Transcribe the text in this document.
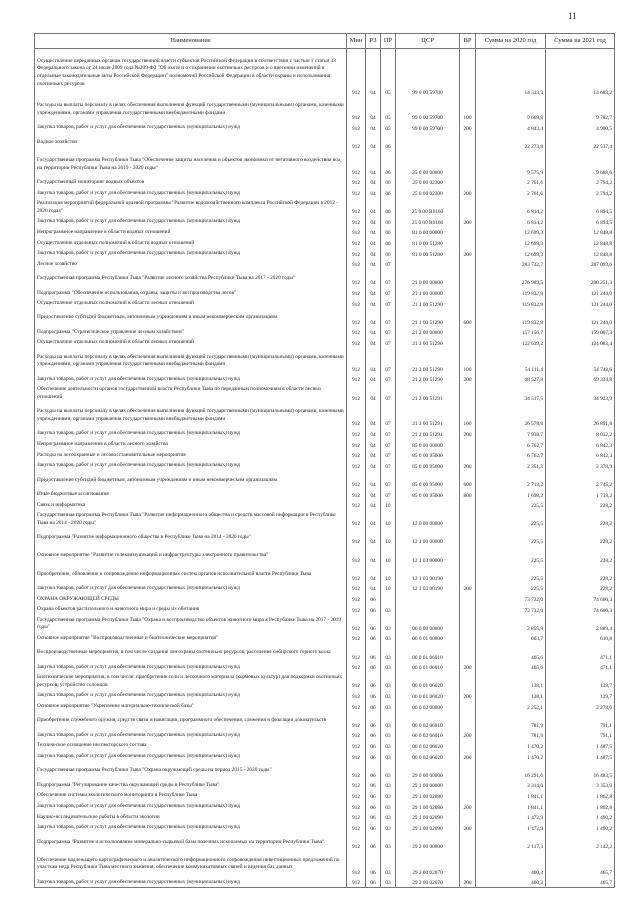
11
Наименование	Мин	РЗ	ПР	ЦСР	ВР	Сумма на 2020 год	Сумма на 2021 год
Осуществление переданных органам государственной власти субъектов Российской Федерации в соответствии с частью 1 статьи 33 Федерального закона от 24 июля 2009 года №209-ФЗ "Об охоте и о сохранении охотничьих ресурсов и о внесении изменений в отдельные законодательные акты Российской Федерации" полномочий Российской Федерации в области охраны и использования охотничьих ресурсов	912	04	05	99 0 00 59700		14 513,3	14 683,2
Расходы на выплаты персоналу в целях обеспечения выполнения функций государственными (муниципальными) органами, казенными учреждениями, органами управления государственными внебюджетными фондами	912	04	05	99 0 00 59700	100	9 669,8	9 782,7
Закупка товаров, работ и услуг для обеспечения государственных (муниципальных) нужд	912	04	05	99 0 00 59700	200	4 843,4	4 900,5
Водное хозяйство	912	04	06			22 273,8	22 537,4
Государственная программа Республики Тыва "Обеспечение защиты населения и объектов экономики от негативного воздействия вод на территории Республики Тыва на 2019 - 2020 годы"	912	04	06	25 0 00 00000		9 575,9	9 688,6
Государственный мониторинг водных объектов	912	04	06	25 0 00 02300		2 761,6	2 794,2
Закупка товаров, работ и услуг для обеспечения государственных (муниципальных) нужд	912	04	06	25 0 00 02300	200	2 761,6	2 794,2
Реализация мероприятий федеральной целевой программы "Развитие водохозяйственного комплекса Российской Федерации в 2012 - 2020 годах"	912	04	06	25 0 00 R0160		6 814,2	6 894,5
Закупка товаров, работ и услуг для обеспечения государственных (муниципальных) нужд	912	04	06	25 0 00 R0160	200	6 814,2	6 894,5
Непрограммное направление в области водных отношений	912	04	06	81 0 00 00000		12 699,3	12 848,8
Осуществление отдельных полномочий в области водных отношений	912	04	06	81 0 00 51280		12 699,3	12 848,8
Закупка товаров, работ и услуг для обеспечения государственных (муниципальных) нужд	912	04	06	81 0 00 51280	200	12 699,3	12 848,8
Лесное хозяйство	912	04	07			283 732,7	287 093,6
Государственная программа Республики Тыва "Развитие лесного хозяйства Республики Тыва на 2017 - 2020 годы"	912	04	07	21 0 00 00000		276 989,5	280 251,3
Подпрограмма "Обеспечение использования, охраны, защиты и воспроизводства лесов"	912	04	07	21 1 00 00000		119 832,8	121 244,0
Осуществление отдельных полномочий в области лесных отношений	912	04	07	21 1 00 51290		119 832,8	121 244,0
Предоставление субсидий бюджетным, автономным учреждениям и иным некоммерческим организациям	912	04	07	21 1 00 51290	600	119 832,8	121 244,0
Подпрограмма "Стратегическое управление лесным хозяйством"	912	04	07	21 2 00 00000		157 156,7	159 007,3
Осуществление отдельных полномочий в области лесных отношений	912	04	07	21 2 00 51290		122 639,2	124 083,4
Расходы на выплаты персоналу в целях обеспечения выполнения функций государственными (муниципальными) органами, казенными учреждениями, органами управления государственными внебюджетными фондами	912	04	07	21 2 00 51290	100	54 111,4	54 748,6
Закупка товаров, работ и услуг для обеспечения государственных (муниципальных) нужд	912	04	07	21 2 00 51290	200	68 527,8	69 334,8
Обеспечение деятельности органов государственной власти Республики Тыва по переданным полномочиям в области лесных отношений	912	04	07	21 2 00 51291		34 517,5	34 923,9
Расходы на выплаты персоналу в целях обеспечения выполнения функций государственными (муниципальными) органами, казенными учреждениями, органами управления государственными внебюджетными фондами	912	04	07	21 2 00 51291	100	26 578,8	26 891,8
Закупка товаров, работ и услуг для обеспечения государственных (муниципальных) нужд	912	04	07	21 2 00 51291	200	7 938,7	8 032,2
Непрограммное направление в области лесного хозяйства	912	04	07	85 0 00 00000		6 762,7	6 842,3
Расходы на лесоохранные и лесовосстановительные мероприятия	912	04	07	85 0 00 95000		6 762,7	6 842,3
Закупка товаров, работ и услуг для обеспечения государственных (муниципальных) нужд	912	04	07	85 0 00 95000	200	2 351,3	2 378,9
Предоставление субсидий бюджетным, автономным учреждениям и иным некоммерческим организациям	912	04	07	85 0 00 95000	600	2 713,2	2 745,2
Иные бюджетные ассигнования	912	04	07	85 0 00 95000	800	1 698,2	1 718,2
Связь и информатика	912	04	10			225,5	228,2
Государственная программа Республики Тыва "Развитие информационного общества и средств массовой информации в Республике Тыва на 2014 - 2020 годы"	912	04	10	12 0 00 00000		225,5	228,2
Подпрограмма "Развитие информационного общества в Республике Тыва на 2014 - 2020 годы"	912	04	10	12 1 00 00000		225,5	228,2
Основное мероприятие "Развитие телекоммуникаций и инфраструктуры электронного правительства"	912	04	10	12 1 03 00000		225,5	228,2
Приобретение, обновление и сопровождение информационных систем органов исполнительной власти Республики Тыва	912	04	10	12 1 03 00190		225,5	228,2
Закупка товаров, работ и услуг для обеспечения государственных (муниципальных) нужд	912	04	10	12 1 03 00190	200	225,5	228,2
ОХРАНА ОКРУЖАЮЩЕЙ СРЕДЫ	912	06				73 732,0	74 600,3
Охрана объектов растительного и животного мира и среды их обитания	912	06	03			73 732,0	74 600,3
Государственная программа Республики Тыва "Охрана и воспроизводство объектов животного мира в Республике Тыва на 2017 - 2019 годы"	912	06	03	06 0 00 00000		2 855,8	2 889,4
Основное мероприятие "Воспроизводственные и биотехнические мероприятия"	912	06	03	06 0 01 00000		603,7	610,8
Воспроизводственные мероприятия, в том числе создание зон охраны охотничьих ресурсов, расселение сибирского горного козла	912	06	03	06 0 01 06010		465,6	471,1
Закупка товаров, работ и услуг для обеспечения государственных (муниципальных) нужд	912	06	03	06 0 01 06010	200	465,6	471,1
Биотехнические мероприятия, в том числе: приобретение соли и лесоочного материала (кормовых культур) для подкормки охотничьих ресурсов, устройство солонцов	912	06	03	06 0 01 06020		138,1	139,7
Закупка товаров, работ и услуг для обеспечения государственных (муниципальных) нужд	912	06	03	06 0 01 06020	200	138,1	139,7
Основное мероприятие "Укрепление материально-технической базы"	912	06	03	06 0 02 00000		2 252,1	2 278,6
Приобретение служебного оружия, средств связи и навигации, программного обеспечения, слежения и фиксации доказательств	912	06	03	06 0 02 06010		781,9	791,1
Закупка товаров, работ и услуг для обеспечения государственных (муниципальных) нужд	912	06	03	06 0 02 06010	200	781,9	791,1
Техническое оснащение инспекторского состава	912	06	03	06 0 02 06020		1 470,2	1 487,5
Закупка товаров, работ и услуг для обеспечения государственных (муниципальных) нужд	912	06	03	06 0 02 06020	200	1 470,2	1 487,5
Государственная программа Республики Тыва "Охрана окружающей среды на период 2015 - 2020 годы"	912	06	03	29 0 00 00000		16 291,6	16 483,5
Подпрограмма "Регулирование качества окружающей среды в Республике Тыва"	912	06	03	29 1 00 00000		3 314,0	3 353,0
Обеспечение системы экологического мониторинга в Республике Тыва	912	06	03	29 1 00 02080		1 841,1	1 862,8
Закупка товаров, работ и услуг для обеспечения государственных (муниципальных) нужд	912	06	03	29 1 00 02080	200	1 841,1	1 862,8
Научно-исследовательские работы в области экологии	912	06	03	29 1 00 02090		1 472,9	1 490,2
Закупка товаров, работ и услуг для обеспечения государственных (муниципальных) нужд	912	06	03	29 1 00 02090	200	1 472,9	1 490,2
Подпрограмма "Развитие и использование минерально-сырьевой базы полезных ископаемых на территории Республики Тыва"	912	06	03	29 2 00 00000		2 117,3	2 142,2
Обеспечение надлежащего картографического и аналитического информационного сопровождения инвестиционных предложений по участкам недр Республики Тыва местного значения, обеспечение коммуникативных связей и ведения баз данных	912	06	03	29 2 00 02070		460,3	465,7
Закупка товаров, работ и услуг для обеспечения государственных (муниципальных) нужд	912	06	03	29 2 00 02070	200	460,3	465,7
